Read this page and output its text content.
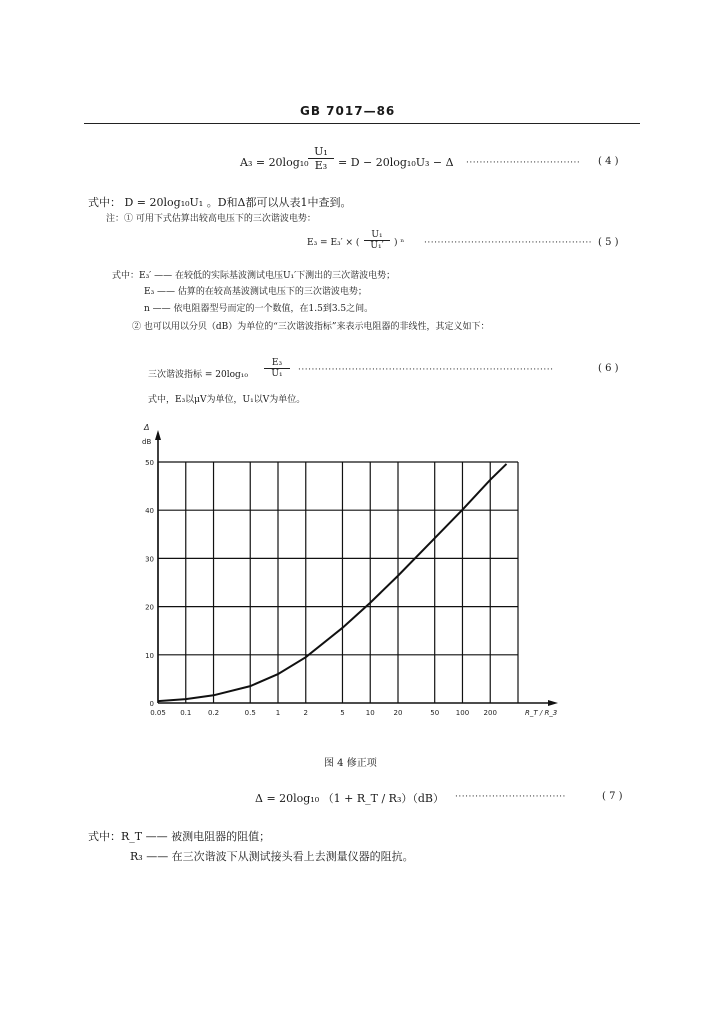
GB 7017—86
$A_3 = 20\log_{10} \frac{\text{U₁}}{\text{E₃}} = D - 20\log_{10}U_3 - \Delta$ ·································· ( 4 )
式中： D = 20log₁₀U₁ 。D和Δ都可以从表1中查到。
注：① 可用下式估算出较高电压下的三次谐波电势：
E₃ = E₃′ × ( $\frac{\text{U₁}}{\text{U₁′}}$ ) ⁿ ·················································· ( 5 )
式中：E₃′ —— 在较低的实际基波测试电压U₁′下测出的三次谐波电势；
E₃ —— 估算的在较高基波测试电压下的三次谐波电势；
n —— 依电阻器型号而定的一个数值，在1.5到3.5之间。
② 也可以用以分贝（dB）为单位的“三次谐波指标”来表示电阻器的非线性，其定义如下：
三次谐波指标 = $20\log_{10} \frac{\text{E₃}}{\text{U₁}}$ ············································································	( 6 )
式中，E₃以μV为单位，U₁以V为单位。
0.05 0.1 0.2	0.5	1	2	5	10	20	50 100 200
0
10
20
30
40
50
Δ
dB
R_T / R_3
图 4 修正项
Δ = 20log₁₀ （1 + R_T / R₃）（dB） ·································	( 7 )
式中：R_T —— 被测电阻器的阻值；
R₃ —— 在三次谐波下从测试接头看上去测量仪器的阻抗。
